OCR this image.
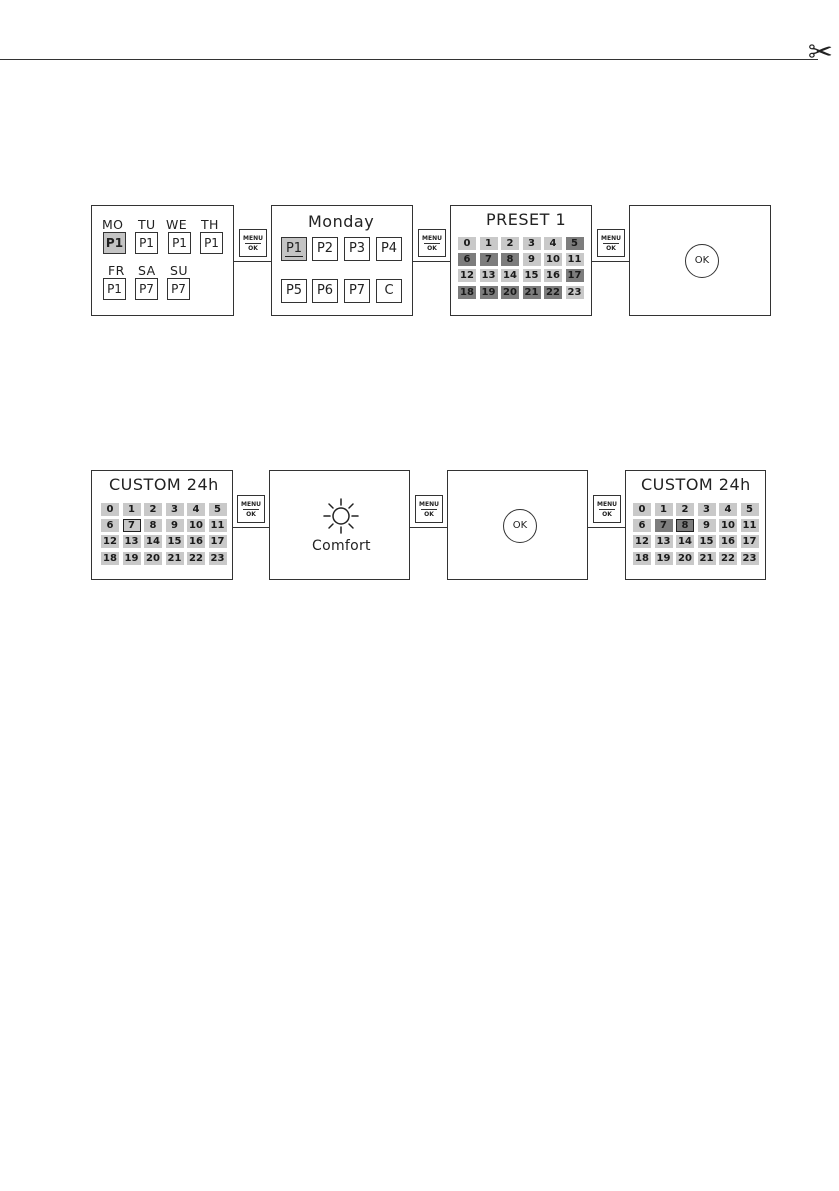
✂
MENU
OK
MENU
OK
MENU
OK
MO TU WE TH
P1	P1	P1	P1
FR SA SU
P1	P7	P7
Monday
P1	P2	P3	P4
P5	P6	P7	C
PRESET 1
0	1	2	3	4	5
6	7	8	9	10 11
12 13 14 15 16 17
18 19 20 21 22 23
OK
MENU
OK
MENU
OK
MENU
OK
CUSTOM 24h
0	1	2	3	4	5
6	7	8	9	10 11
12 13 14 15 16 17
18 19 20 21 22 23
Comfort
OK
CUSTOM 24h
0	1	2	3	4	5
6	7	8	9	10 11
12 13 14 15 16 17
18 19 20 21 22 23
